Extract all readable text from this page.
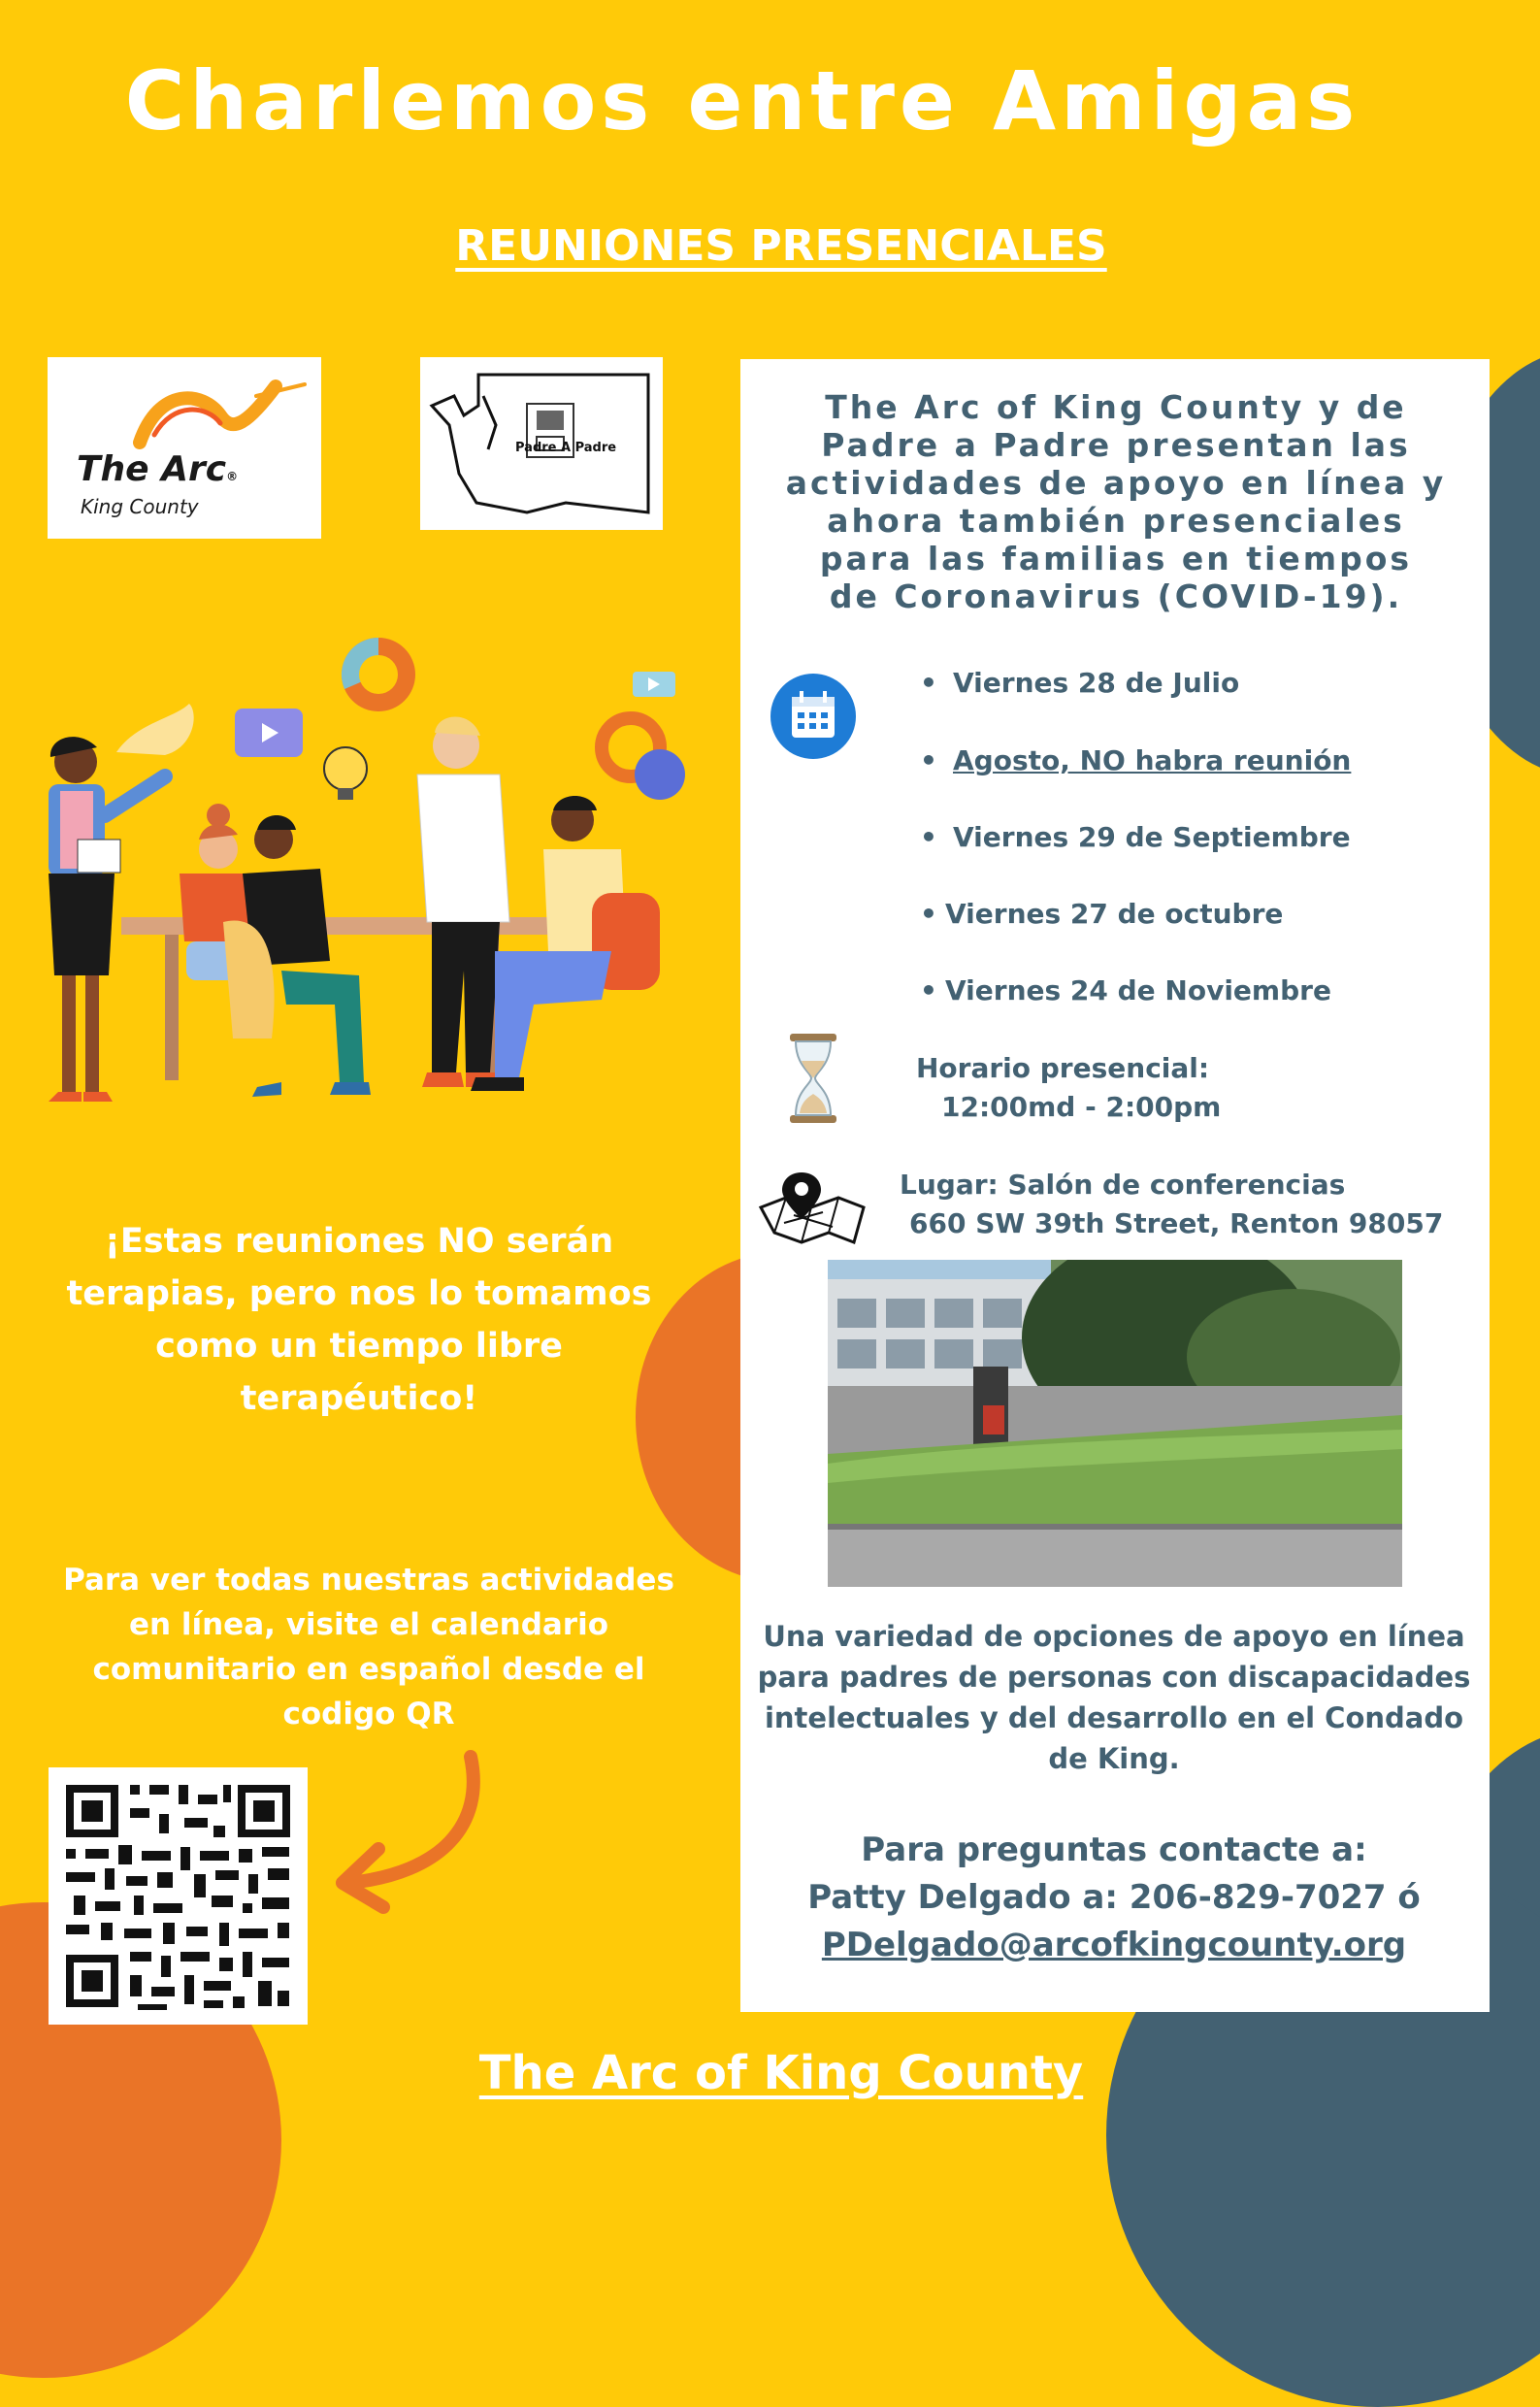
Charlemos entre Amigas
REUNIONES PRESENCIALES
The Arc®
King County
Padre A Padre
¡Estas reuniones NO serán
terapias, pero nos lo tomamos
como un tiempo libre
terapéutico!
Para ver todas nuestras actividades
en línea, visite el calendario
comunitario en español desde el
codigo QR
The Arc of King County y de
Padre a Padre presentan las
actividades de apoyo en línea y
ahora también presenciales
para las familias en tiempos
de Coronavirus (COVID-19).
• Viernes 28 de Julio
• Agosto, NO habra reunión
• Viernes 29 de Septiembre
• Viernes 27 de octubre
• Viernes 24 de Noviembre
Horario presencial:
12:00md - 2:00pm
Lugar: Salón de conferencias
660 SW 39th Street, Renton 98057
Una variedad de opciones de apoyo en línea
para padres de personas con discapacidades
intelectuales y del desarrollo en el Condado
de King.
Para preguntas contacte a:
Patty Delgado a: 206-829-7027 ó
PDelgado@arcofkingcounty.org
The Arc of King County
